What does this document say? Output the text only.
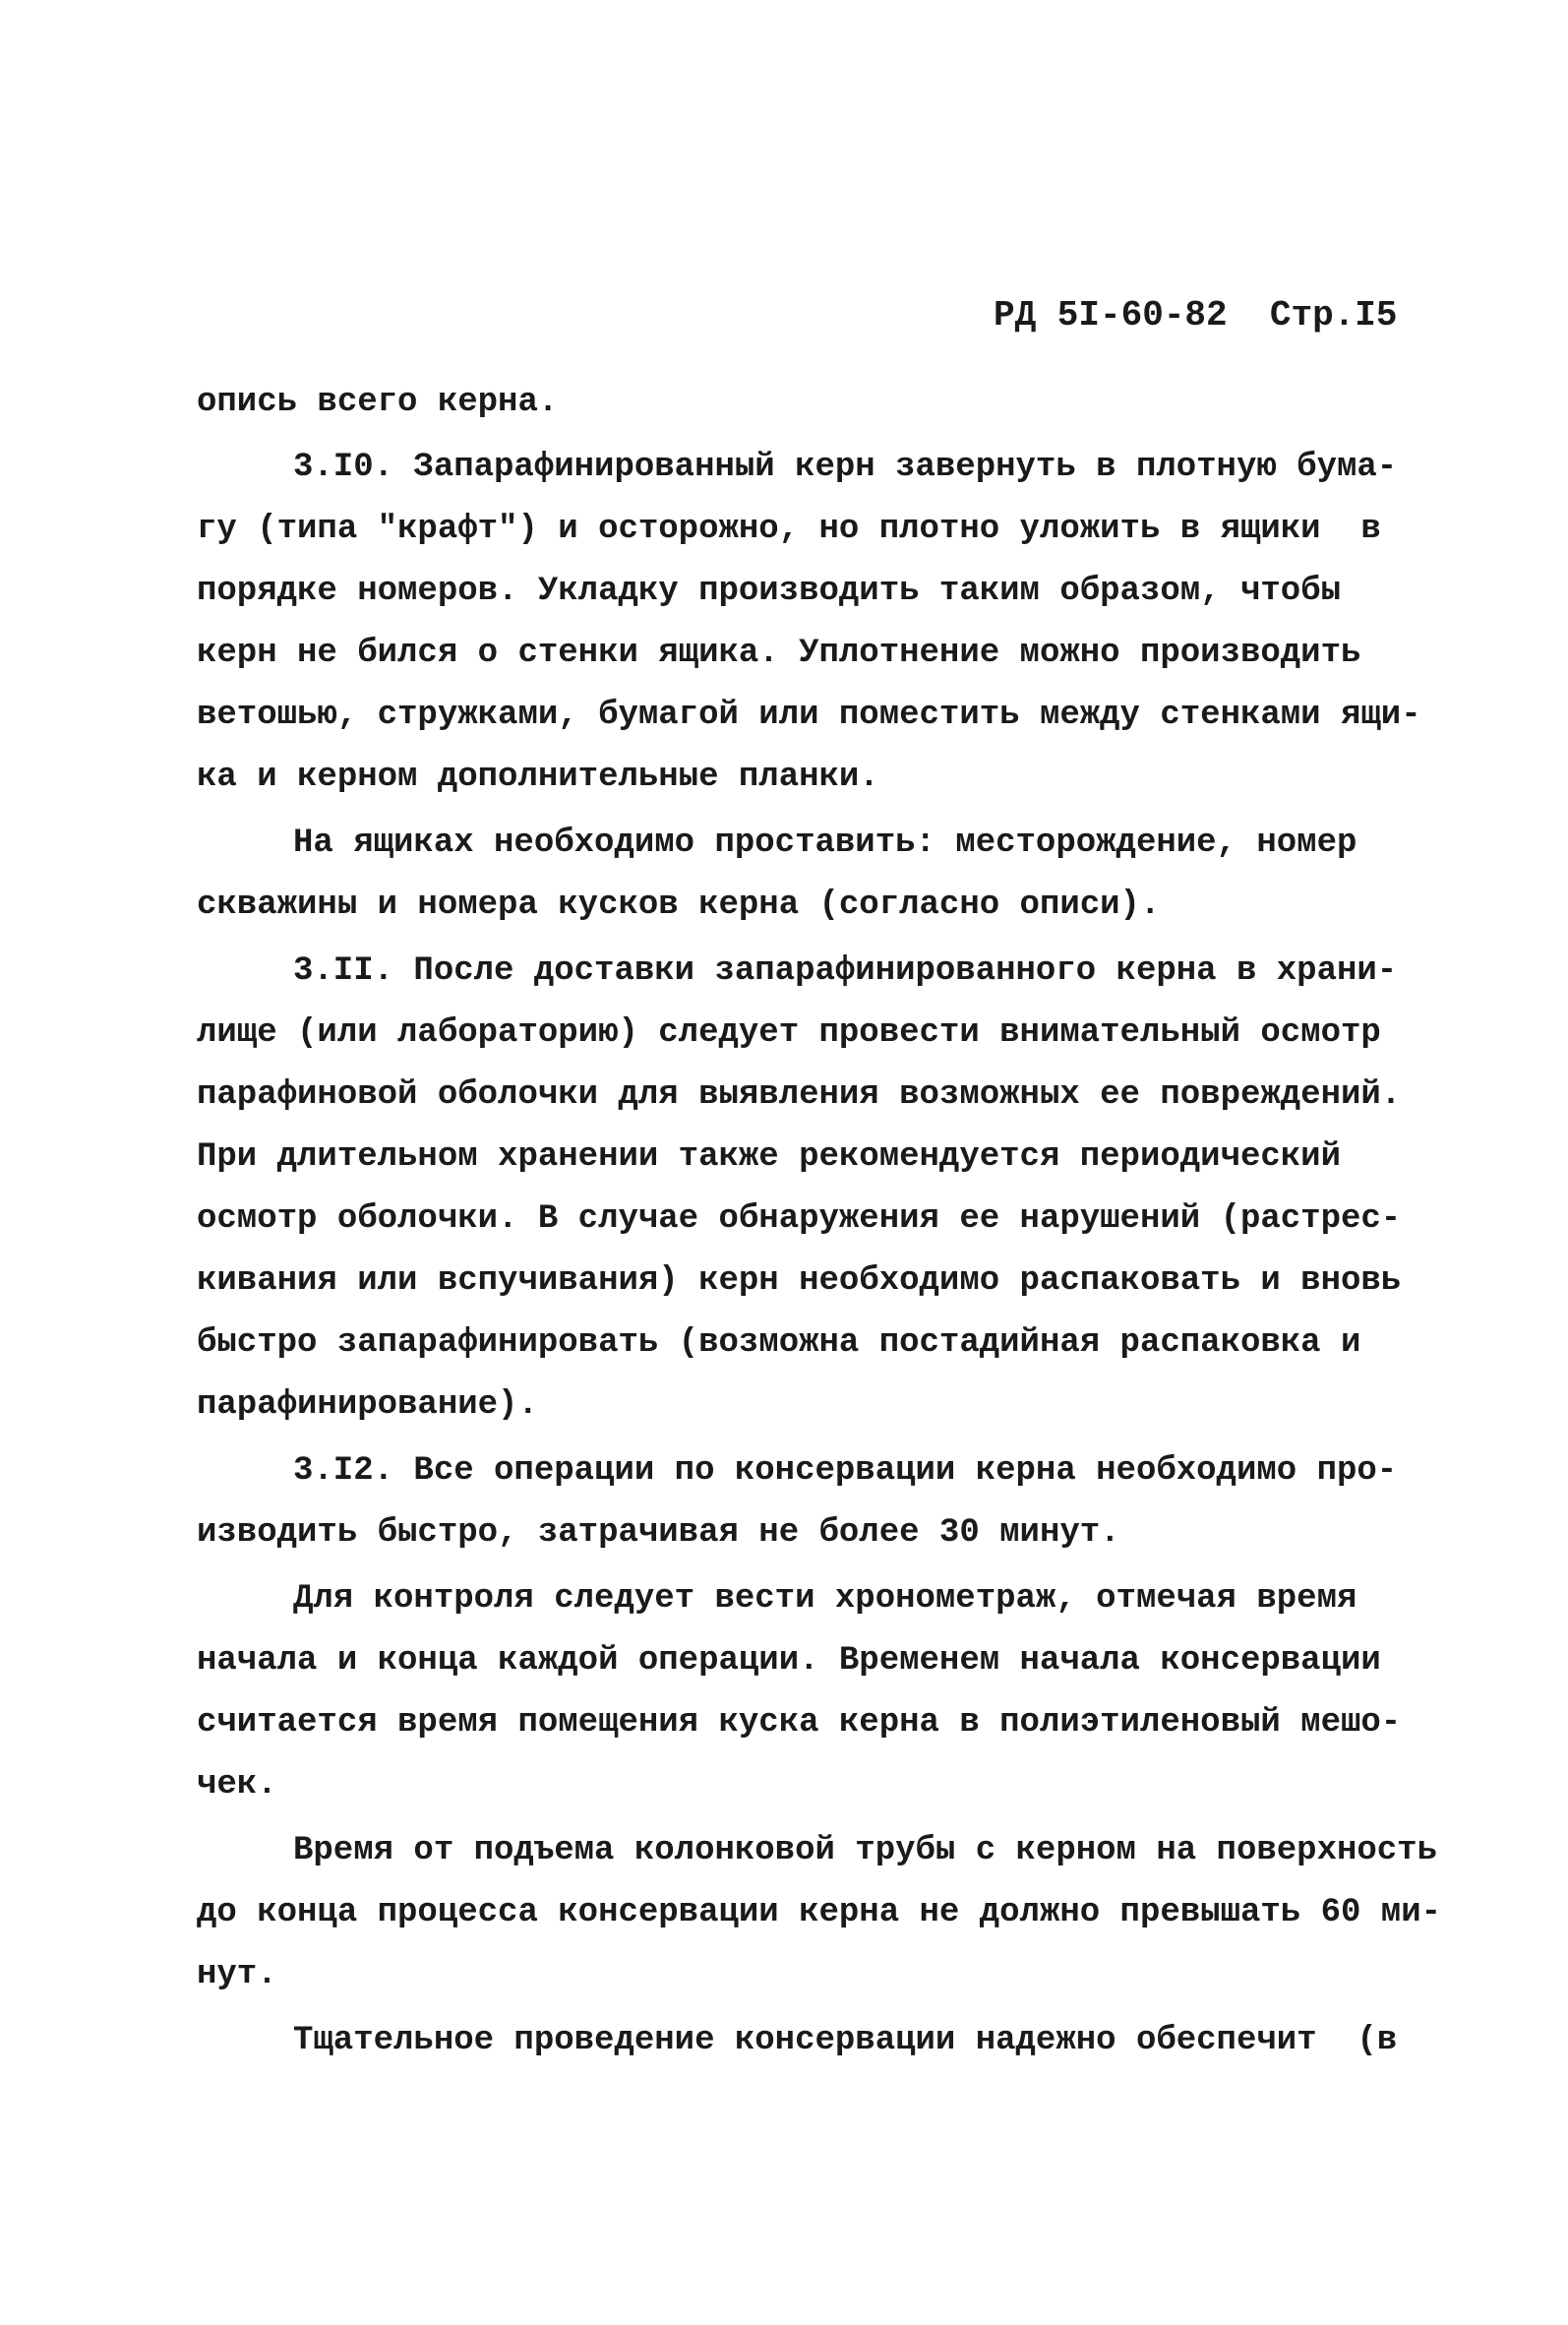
РД 5I-60-82 Стр.I5
опись всего керна.
3.I0. Запарафинированный керн завернуть в плотную бума-
гу (типа "крафт") и осторожно, но плотно уложить в ящики  в
порядке номеров. Укладку производить таким образом, чтобы
керн не бился о стенки ящика. Уплотнение можно производить
ветошью, стружками, бумагой или поместить между стенками ящи-
ка и керном дополнительные планки.
На ящиках необходимо проставить: месторождение, номер
скважины и номера кусков керна (согласно описи).
3.II. После доставки запарафинированного керна в храни-
лище (или лабораторию) следует провести внимательный осмотр
парафиновой оболочки для выявления возможных ее повреждений.
При длительном хранении также рекомендуется периодический
осмотр оболочки. В случае обнаружения ее нарушений (растрес-
кивания или вспучивания) керн необходимо распаковать и вновь
быстро запарафинировать (возможна постадийная распаковка и
парафинирование).
3.I2. Все операции по консервации керна необходимо про-
изводить быстро, затрачивая не более 30 минут.
Для контроля следует вести хронометраж, отмечая время
начала и конца каждой операции. Временем начала консервации
считается время помещения куска керна в полиэтиленовый мешо-
чек.
Время от подъема колонковой трубы с керном на поверхность
до конца процесса консервации керна не должно превышать 60 ми-
нут.
Тщательное проведение консервации надежно обеспечит  (в
